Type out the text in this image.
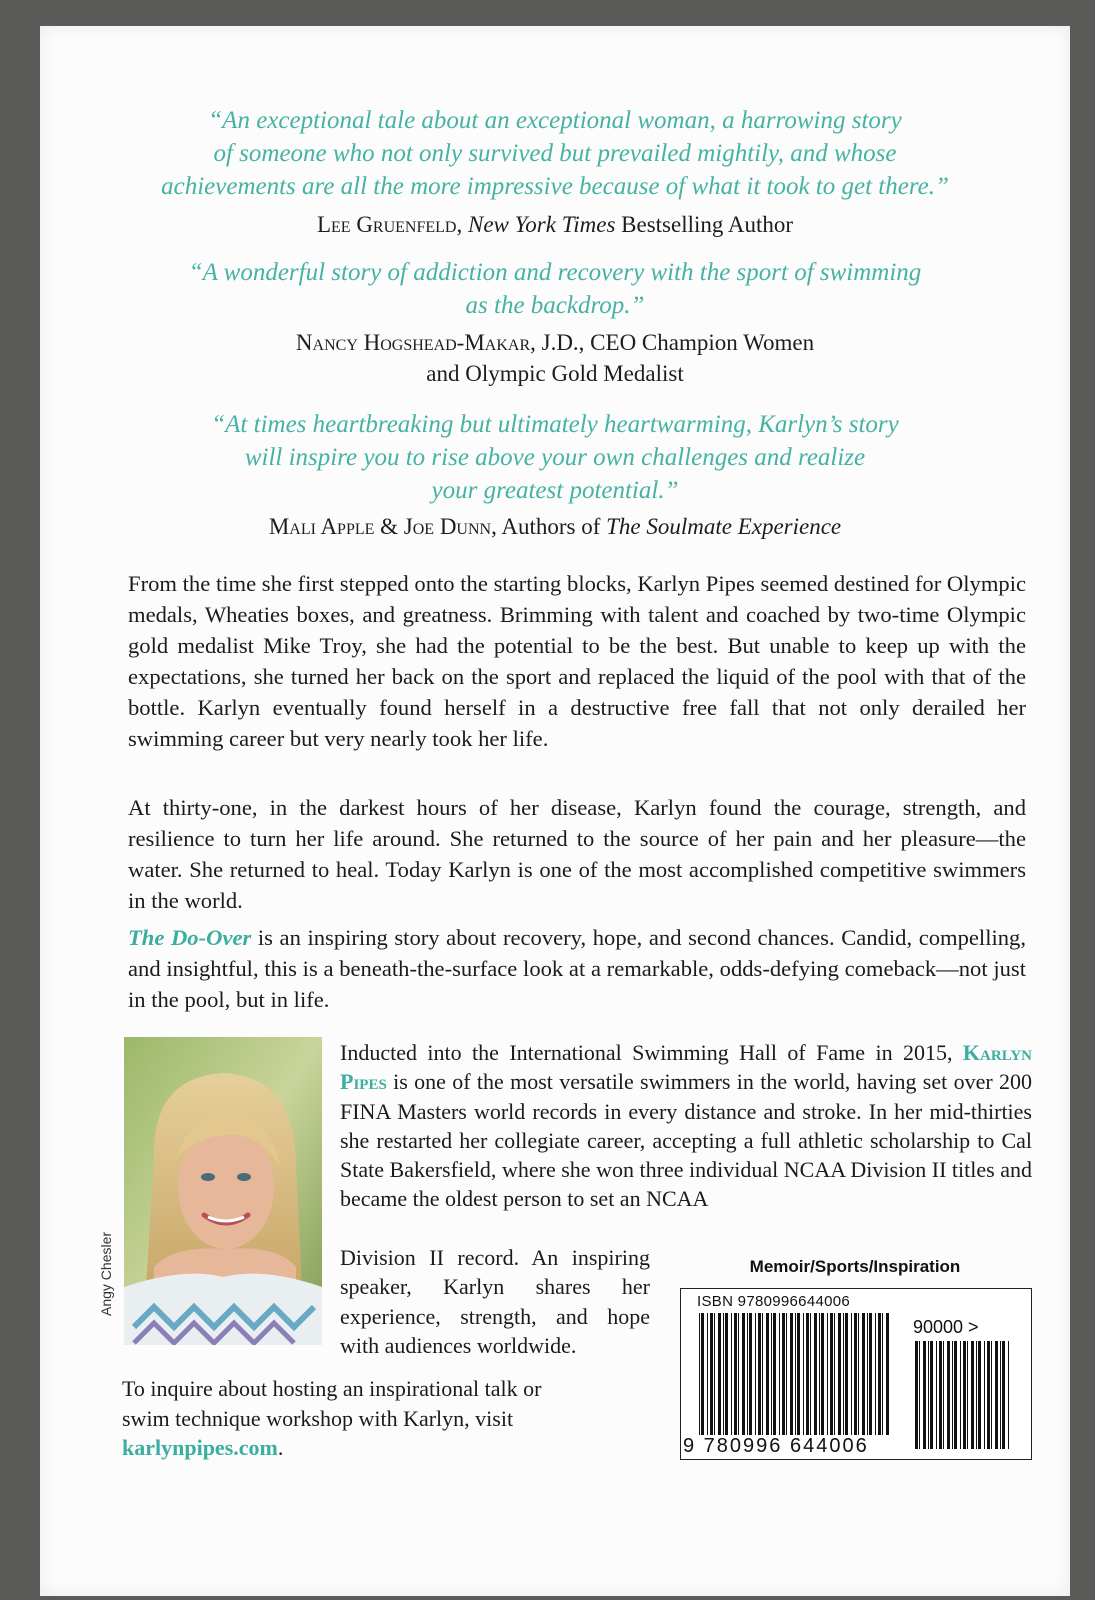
“An exceptional tale about an exceptional woman, a harrowing story
of someone who not only survived but prevailed mightily, and whose
achievements are all the more impressive because of what it took to get there.”
Lee Gruenfeld, New York Times Bestselling Author
“A wonderful story of addiction and recovery with the sport of swimming
as the backdrop.”
Nancy Hogshead-Makar, J.D., CEO Champion Women
and Olympic Gold Medalist
“At times heartbreaking but ultimately heartwarming, Karlyn’s story
will inspire you to rise above your own challenges and realize
your greatest potential.”
Mali Apple & Joe Dunn, Authors of The Soulmate Experience
From the time she first stepped onto the starting blocks, Karlyn Pipes seemed destined for Olympic medals, Wheaties boxes, and greatness. Brimming with talent and coached by two-time Olympic gold medalist Mike Troy, she had the potential to be the best. But unable to keep up with the expectations, she turned her back on the sport and replaced the liquid of the pool with that of the bottle. Karlyn eventually found herself in a destructive free fall that not only derailed her swimming career but very nearly took her life.
At thirty-one, in the darkest hours of her disease, Karlyn found the courage, strength, and resilience to turn her life around. She returned to the source of her pain and her pleasure—the water. She returned to heal. Today Karlyn is one of the most accomplished competitive swimmers in the world.
The Do-Over is an inspiring story about recovery, hope, and second chances. Candid, compelling, and insightful, this is a beneath-the-surface look at a remarkable, odds-defying comeback—not just in the pool, but in life.
Angy Chesler
Inducted into the International Swimming Hall of Fame in 2015, Karlyn Pipes is one of the most versatile swimmers in the world, having set over 200 FINA Masters world records in every distance and stroke. In her mid-thirties she restarted her collegiate career, accepting a full athletic scholarship to Cal State Bakersfield, where she won three individual NCAA Division II titles and became the oldest person to set an NCAA
Division II record. An inspiring speaker, Karlyn shares her experience, strength, and hope with audiences worldwide.
To inquire about hosting an inspirational talk or swim technique workshop with Karlyn, visit karlynpipes.com.
Memoir/Sports/Inspiration
ISBN 9780996644006
90000 >
9 780996 644006
